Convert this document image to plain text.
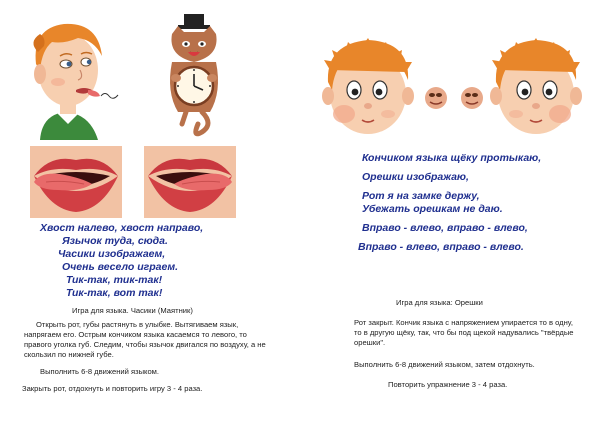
Хвост налево, хвост направо,
Язычок туда, сюда.
Часики изображаем,
Очень весело играем.
Тик-так, тик-так!
Тик-так, вот так!
Игра для языка. Часики (Маятник)
Открыть рот, губы растянуть в улыбке. Вытягиваем язык, напрягаем его. Острым кончиком языка касаемся то левого, то правого уголка губ. Следим, чтобы язычок двигался по воздуху, а не скользил по нижней губе.
Выполнить 6-8 движений языком.
Закрыть рот, отдохнуть и повторить игру 3 - 4 раза.
Кончиком языка щёку протыкаю,
Орешки изображаю,
Рот я на замке держу,
Убежать орешкам не даю.
Вправо - влево, вправо - влево,
Вправо - влево, вправо - влево.
Игра для языка: Орешки
Рот закрыт. Кончик языка с напряжением упирается то в одну, то в другую щёку, так, что бы под щекой надувались "твёрдые орешки".
Выполнить 6-8 движений языком, затем отдохнуть.
Повторить упражнение 3 - 4 раза.
